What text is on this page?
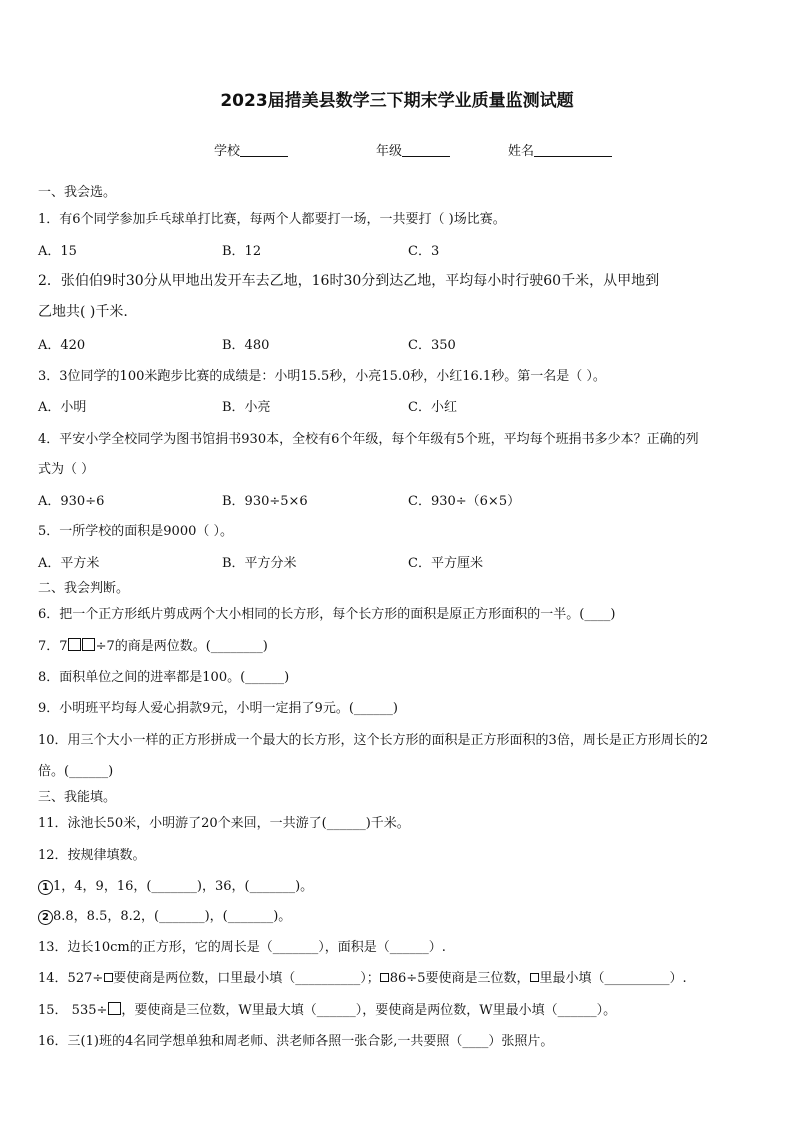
2023届措美县数学三下期末学业质量监测试题
学校	年级	姓名
一、我会选。
1．有6个同学参加乒乓球单打比赛，每两个人都要打一场，一共要打（ )场比赛。
A．15	B．12	C．3
2．张伯伯9时30分从甲地出发开车去乙地，16时30分到达乙地，平均每小时行驶60千米，从甲地到
乙地共( )千米.
A．420	B．480	C．350
3．3位同学的100米跑步比赛的成绩是：小明15.5秒，小亮15.0秒，小红16.1秒。第一名是（ ）。
A．小明	B．小亮	C．小红
4．平安小学全校同学为图书馆捐书930本，全校有6个年级，每个年级有5个班，平均每个班捐书多少本？正确的列
式为（ ）
A．930÷6	B．930÷5×6	C．930÷（6×5）
5．一所学校的面积是9000（ ）。
A．平方米	B．平方分米	C．平方厘米
二、我会判断。
6．把一个正方形纸片剪成两个大小相同的长方形，每个长方形的面积是原正方形面积的一半。(____)
7．7 ÷7的商是两位数。(________)
8．面积单位之间的进率都是100。(______)
9．小明班平均每人爱心捐款9元，小明一定捐了9元。(______)
10．用三个大小一样的正方形拼成一个最大的长方形，这个长方形的面积是正方形面积的3倍，周长是正方形周长的2
倍。(______)
三、我能填。
11．泳池长50米，小明游了20个来回，一共游了(______)千米。
12．按规律填数。
1 1，4，9，16，(_______)，36，(_______)。
2 8.8，8.5，8.2，(_______)，(_______)。
13．边长10cm的正方形，它的周长是（_______），面积是（______）.
14．527÷ 要使商是两位数，口里最小填（__________）； 86÷5要使商是三位数， 里最小填（__________）.
15． 535÷ ，要使商是三位数，W里最大填（______），要使商是两位数，W里最小填（______）。
16．三(1)班的4名同学想单独和周老师、洪老师各照一张合影,一共要照（____）张照片。
